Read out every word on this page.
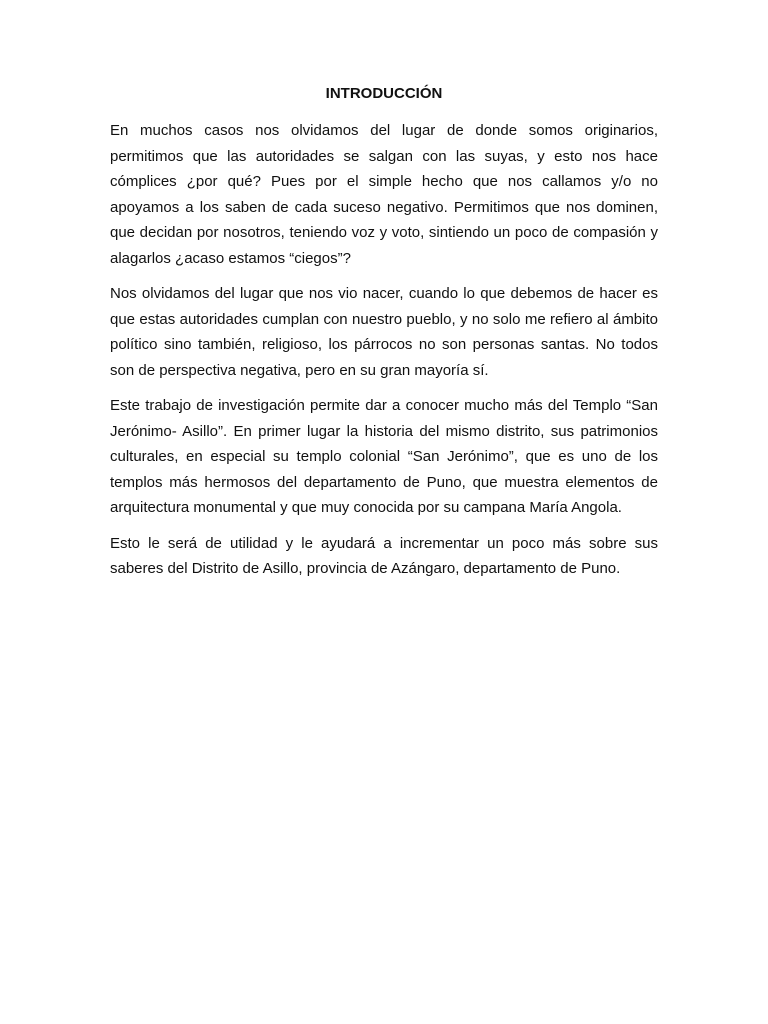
INTRODUCCIÓN

En muchos casos nos olvidamos del lugar de donde somos originarios, permitimos que las autoridades se salgan con las suyas, y esto nos hace cómplices ¿por qué? Pues por el simple hecho que nos callamos y/o no apoyamos a los saben de cada suceso negativo. Permitimos que nos dominen, que decidan por nosotros, teniendo voz y voto, sintiendo un poco de compasión y alagarlos ¿acaso estamos “ciegos”?

Nos olvidamos del lugar que nos vio nacer, cuando lo que debemos de hacer es que estas autoridades cumplan con nuestro pueblo, y no solo me refiero al ámbito político sino también, religioso, los párrocos no son personas santas. No todos son de perspectiva negativa, pero en su gran mayoría sí.

Este trabajo de investigación permite dar a conocer mucho más del Templo “San Jerónimo- Asillo”. En primer lugar la historia del mismo distrito, sus patrimonios culturales, en especial su templo colonial “San Jerónimo”, que es uno de los templos más hermosos del departamento de Puno, que muestra elementos de arquitectura monumental y que muy conocida por su campana María Angola.

Esto le será de utilidad y le ayudará a incrementar un poco más sobre sus saberes del Distrito de Asillo, provincia de Azángaro, departamento de Puno.
